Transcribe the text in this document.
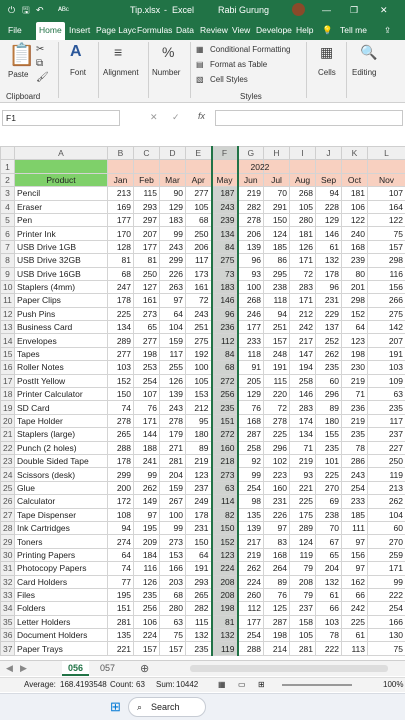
⏻ 🖫 ↶ ᴬᴮᶜ	Tip.xlsx - Excel	Rabi Gurung	— ❐ ✕
File	Home Insert Page Layc Formulas Data Review View Develope Help 💡 Tell me ⇪
📋
Paste
✂
⧉
🖌
Clipboard
A
Font
≡
Alignment
%
Number
▦ Conditional Formatting
▤ Format as Table
▧ Cell Styles
Styles
▦
Cells
🔍
Editing
F1	✕ ✓ fx
	A	B	C	D	E	F	G	H	I	J	K	L
1							2022					
2	Product	Jan	Feb	Mar	Apr	May	Jun	Jul	Aug	Sep	Oct	Nov
3	Pencil	213	115	90	277	187	219	70	268	94	181	107
4	Eraser	169	293	129	105	243	282	291	105	228	106	164
5	Pen	177	297	183	68	239	278	150	280	129	122	122
6	Printer Ink	170	207	99	250	134	206	124	181	146	240	75
7	USB Drive 1GB	128	177	243	206	84	139	185	126	61	168	157
8	USB Drive 32GB	81	81	299	117	275	96	86	171	132	239	298
9	USB Drive 16GB	68	250	226	173	73	93	295	72	178	80	116
10	Staplers (4mm)	247	127	263	161	183	100	238	283	96	201	156
11	Paper Clips	178	161	97	72	146	268	118	171	231	298	266
12	Push Pins	225	273	64	243	96	246	94	212	229	152	275
13	Business Card	134	65	104	251	236	177	251	242	137	64	142
14	Envelopes	289	277	159	275	112	233	157	217	252	123	207
15	Tapes	277	198	117	192	84	118	248	147	262	198	191
16	Roller Notes	103	253	255	100	68	91	191	194	235	230	103
17	PostIt Yellow	152	254	126	105	272	205	115	258	60	219	109
18	Printer Calculator	150	107	139	153	256	129	220	146	296	71	63
19	SD Card	74	76	243	212	235	76	72	283	89	236	235
20	Tape Holder	278	171	278	95	151	168	278	174	180	219	117
21	Staplers (large)	265	144	179	180	272	287	225	134	155	235	237
22	Punch (2 holes)	288	188	271	89	160	258	296	71	235	78	227
23	Double Sided Tape	178	241	281	219	218	92	102	219	101	286	250
24	Scissors (desk)	299	99	204	123	273	99	223	93	225	243	119
25	Glue	200	262	159	237	63	254	160	221	270	254	213
26	Calculator	172	149	267	249	114	98	231	225	69	233	262
27	Tape Dispenser	108	97	100	178	82	135	226	175	238	185	104
28	Ink Cartridges	94	195	99	231	150	139	97	289	70	111	60
29	Toners	274	209	273	150	152	217	83	124	67	97	270
30	Printing Papers	64	184	153	64	123	219	168	119	65	156	259
31	Photocopy Papers	74	116	166	191	224	262	264	79	204	97	171
32	Card Holders	77	126	203	293	208	224	89	208	132	162	99
33	Files	195	235	68	265	208	260	76	79	61	66	222
34	Folders	151	256	280	282	198	112	125	237	66	242	254
35	Letter Holders	281	106	63	115	81	177	287	158	103	225	166
36	Document Holders	135	224	75	132	132	254	198	105	78	61	130
37	Paper Trays	221	157	157	235	119	288	214	281	222	113	75
◀ ▶	056	057 ⊕
Average: 168.4193548 Count: 63 Sum: 10442 ▦ ▭ ⊞	100%
⊞ ⌕ Search
